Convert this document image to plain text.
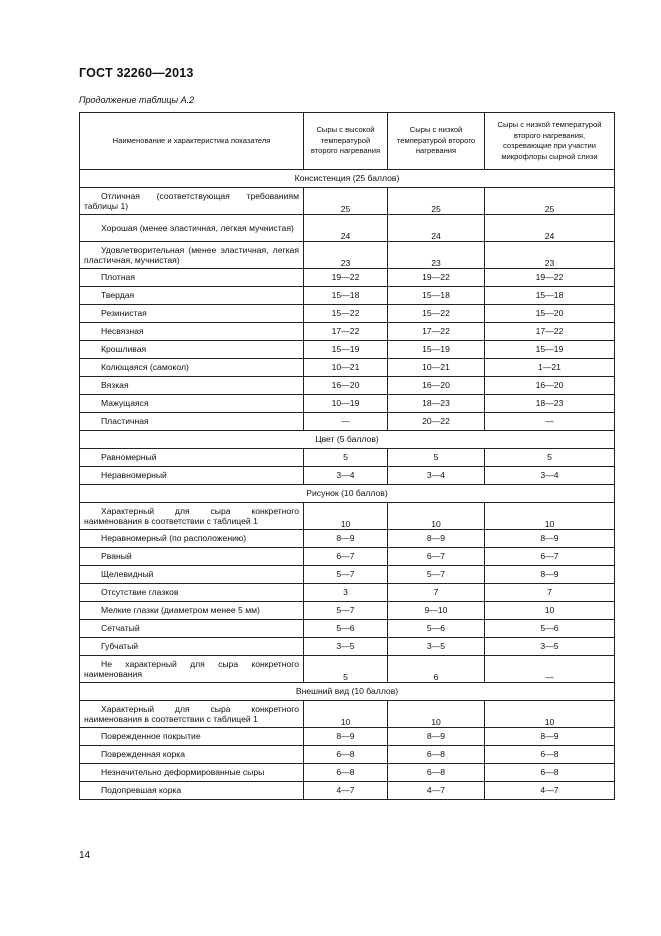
ГОСТ 32260—2013
Продолжение таблицы А.2
Наименование и характеристика показателя	Сыры с высокой температурой второго нагревания	Сыры с низкой температурой второго нагревания	Сыры с низкой температурой второго нагревания, созревающие при участии микрофлоры сырной слизи
Консистенция (25 баллов)			

Отличная (соответствующая требованиям таблицы 1)	25	25	25

Хорошая (менее эластичная, легкая мучнистая)	24	24	24

Удовлетворительная (менее эластичная, легкая пластичная, мучнистая)	23	23	23

Плотная	19—22	19—22	19—22

Твердая	15—18	15—18	15—18

Резинистая	15—22	15—22	15—20

Несвязная	17—22	17—22	17—22

Крошливая	15—19	15—19	15—19

Колющаяся (самокол)	10—21	10—21	1—21

Вязкая	16—20	16—20	16—20

Мажущаяся	10—19	18—23	18—23

Пластичная	—	20—22	—
Цвет (5 баллов)			

Равномерный	5	5	5

Неравномерный	3—4	3—4	3—4
Рисунок (10 баллов)			

Характерный для сыра конкретного наименования в соответствии с таблицей 1	10	10	10

Неравномерный (по расположению)	8—9	8—9	8—9

Рваный	6—7	6—7	6—7

Щелевидный	5—7	5—7	8—9

Отсутствие глазков	3	7	7

Мелкие глазки (диаметром менее 5 мм)	5—7	9—10	10

Сетчатый	5—6	5—6	5—6

Губчатый	3—5	3—5	3—5

Не характерный для сыра конкретного наименования	5	6	—
Внешний вид (10 баллов)			

Характерный для сыра конкретного наименования в соответствии с таблицей 1	10	10	10

Поврежденное покрытие	8—9	8—9	8—9

Поврежденная корка	6—8	6—8	6—8

Незначительно деформированные сыры	6—8	6—8	6—8

Подопревшая корка	4—7	4—7	4—7
14
